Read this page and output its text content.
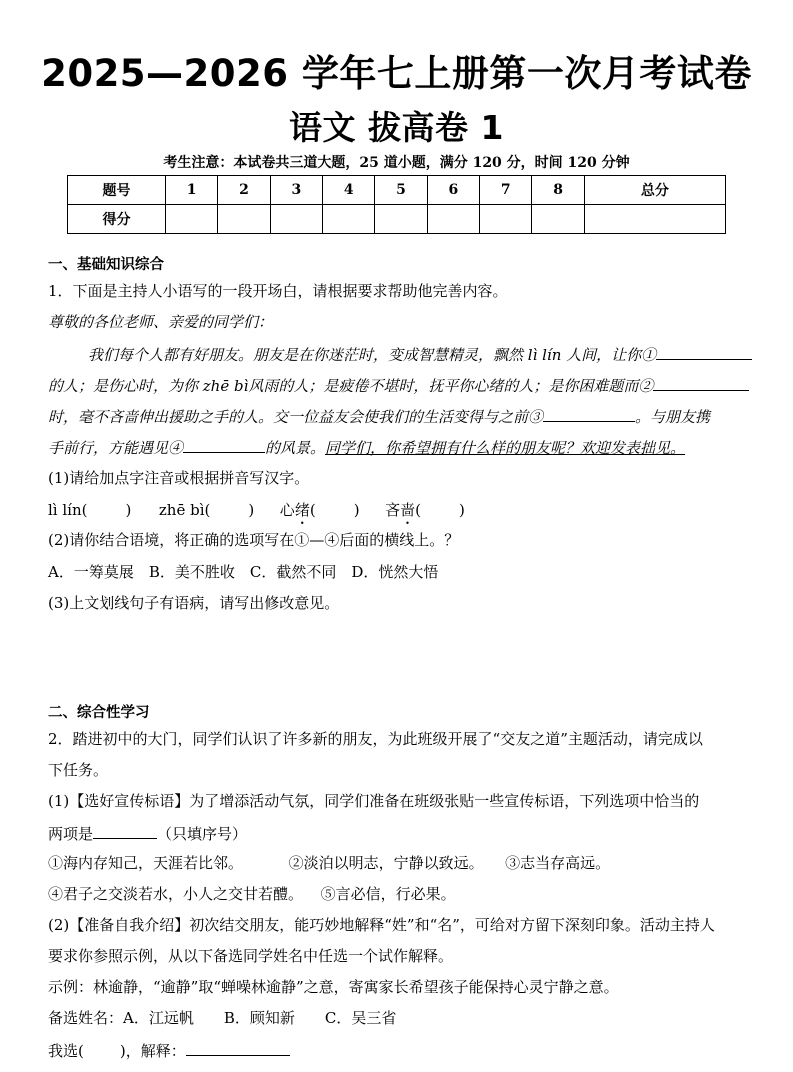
2025—2026 学年七上册第一次月考试卷
语文 拔高卷 1
考生注意：本试卷共三道大题，25 道小题，满分 120 分，时间 120 分钟
题号	1	2	3	4	5	6	7	8	总分
得分									
一、基础知识综合
1．下面是主持人小语写的一段开场白，请根据要求帮助他完善内容。
尊敬的各位老师、亲爱的同学们：
我们每个人都有好朋友。朋友是在你迷茫时，变成智慧精灵，飘然 lì lín 人间，让你①
的人；是伤心时，为你 zhē bì风雨的人；是疲倦不堪时，抚平你心绪的人；是你困难题而②
时，毫不吝啬伸出援助之手的人。交一位益友会使我们的生活变得与之前③	。与朋友携
手前行，方能遇见④	的风景。同学们，你希望拥有什么样的朋友呢？欢迎发表拙见。
(1)请给加点字注音或根据拼音写汉字。
lì lín(	) zhē bì(	) 心绪(	) 吝啬(	)
(2)请你结合语境，将正确的选项写在①—④后面的横线上。？
A．一筹莫展　B．美不胜收　C．截然不同　D．恍然大悟
(3)上文划线句子有语病，请写出修改意见。
二、综合性学习
2．踏进初中的大门，同学们认识了许多新的朋友，为此班级开展了“交友之道”主题活动，请完成以
下任务。
(1)【选好宣传标语】为了增添活动气氛，同学们准备在班级张贴一些宣传标语，下列选项中恰当的
两项是	（只填序号）
①海内存知己，天涯若比邻。	②淡泊以明志，宁静以致远。 ③志当存高远。
④君子之交淡若水，小人之交甘若醴。 ⑤言必信，行必果。
(2)【准备自我介绍】初次结交朋友，能巧妙地解释“姓”和“名”，可给对方留下深刻印象。活动主持人
要求你参照示例，从以下备选同学姓名中任选一个试作解释。
示例：林逾静，“逾静”取“蝉噪林逾静”之意，寄寓家长希望孩子能保持心灵宁静之意。
备选姓名：A．江远帆　　B．顾知新　　C．吴三省
我选( )，解释：
